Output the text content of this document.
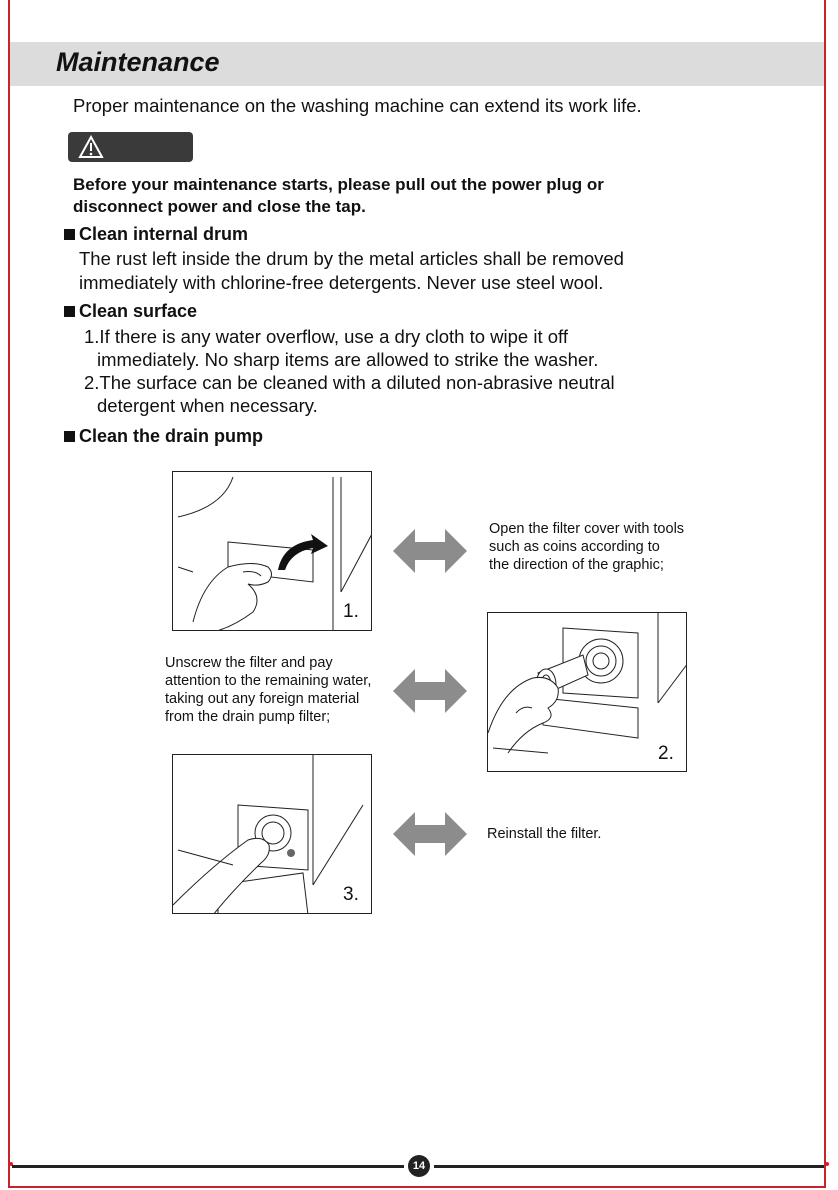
Maintenance
Proper maintenance on the washing machine can extend its work life.
Before your maintenance starts, please pull out the power plug or
disconnect power and close the tap.
Clean internal drum
The rust left inside the drum by the metal articles shall be removed
immediately with chlorine-free detergents. Never use steel wool.
Clean surface
1.If there is any water overflow, use a dry cloth to wipe it off
immediately. No sharp items are allowed to strike the washer.
2.The surface can be cleaned with a diluted non-abrasive neutral
detergent when necessary.
Clean the drain pump
1.
Open the filter cover with tools
such as coins according to
the direction of the graphic;
Unscrew the filter and pay
attention to the remaining water,
taking out any foreign material
from the drain pump filter;
2.
3.
Reinstall the filter.
14
